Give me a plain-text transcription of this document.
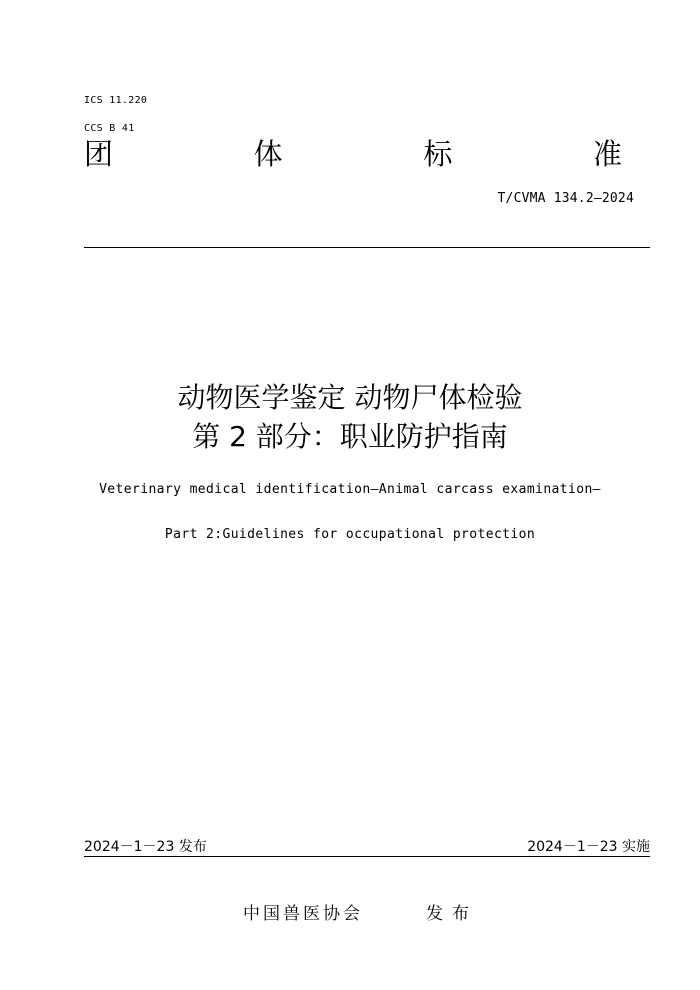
ICS 11.220
CCS B 41
团	体	标	准
T/CVMA 134.2—2024
动物医学鉴定 动物尸体检验
第 2 部分：职业防护指南
Veterinary medical identification—Animal carcass examination—
Part 2:Guidelines for occupational protection
2024－1－23 发布	2024－1－23 实施
中国兽医协会	发布
